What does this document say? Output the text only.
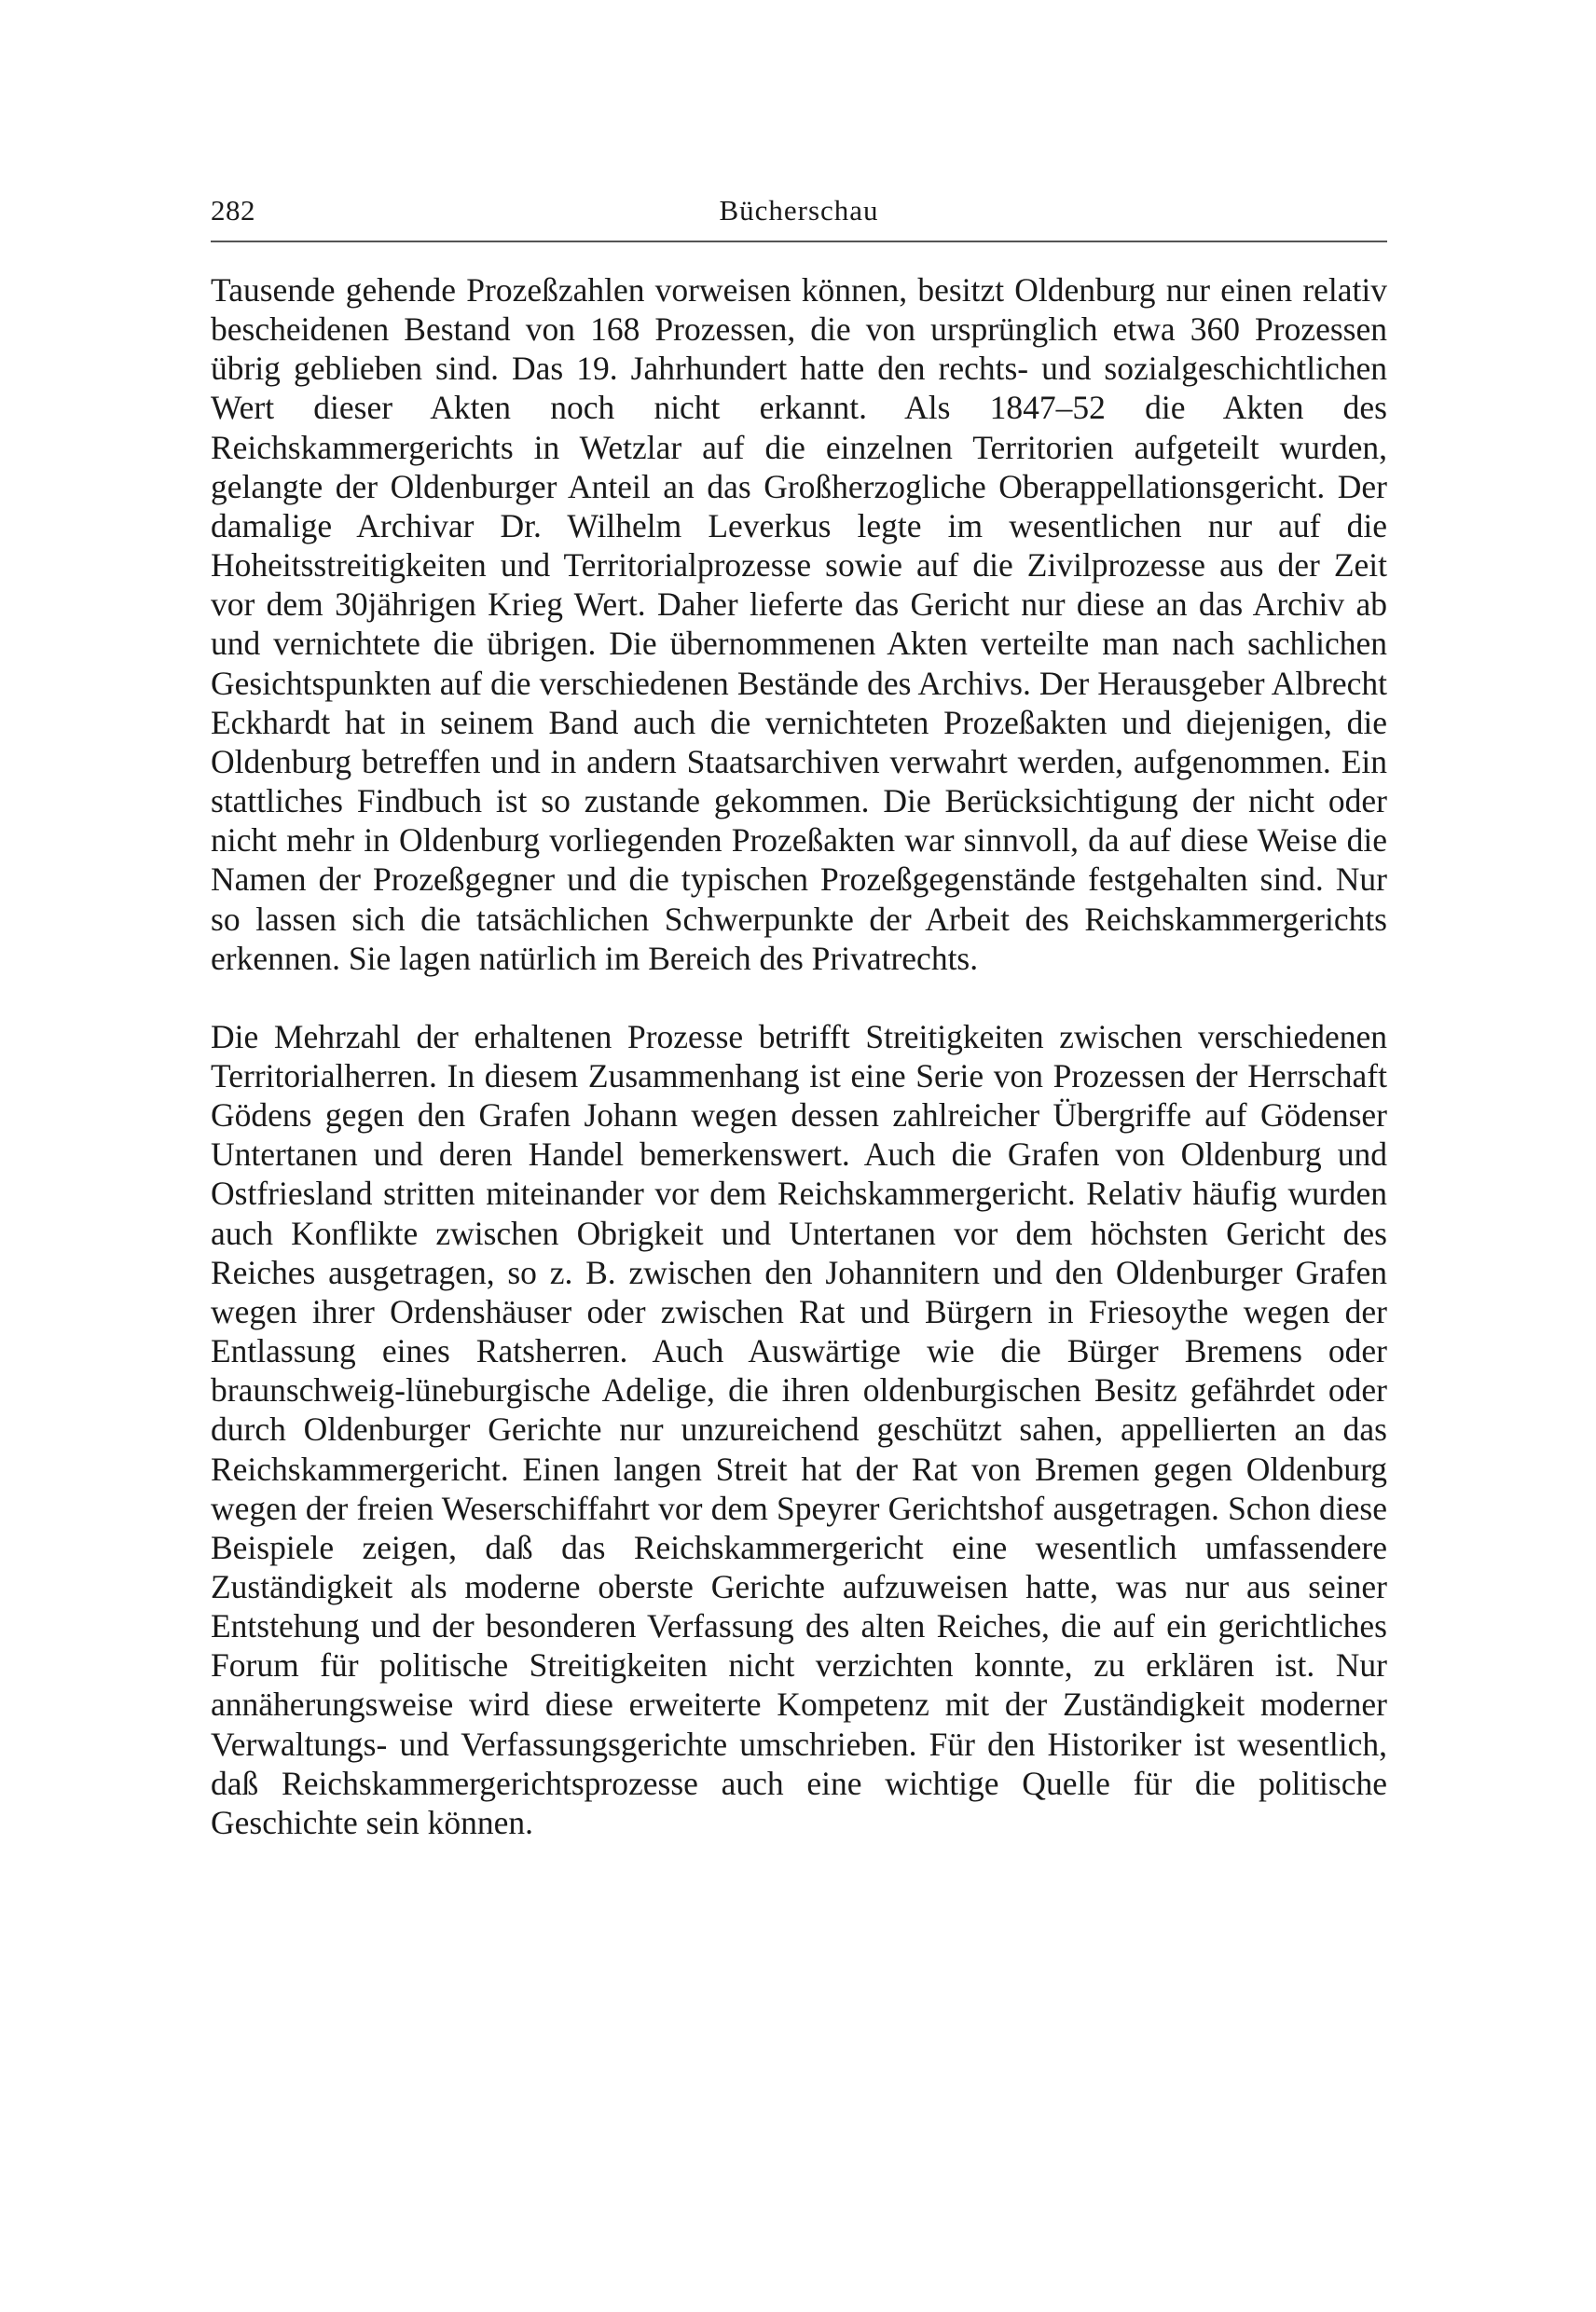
282	Bücherschau

Tausende gehende Prozeßzahlen vorweisen können, besitzt Oldenburg nur einen relativ bescheidenen Bestand von 168 Prozessen, die von ursprünglich etwa 360 Prozessen übrig geblieben sind. Das 19. Jahrhundert hatte den rechts- und sozialgeschichtlichen Wert dieser Akten noch nicht erkannt. Als 1847–52 die Akten des Reichskammergerichts in Wetzlar auf die einzelnen Territorien aufgeteilt wurden, gelangte der Oldenburger Anteil an das Großherzogliche Oberappellationsgericht. Der damalige Archivar Dr. Wilhelm Leverkus legte im wesentlichen nur auf die Hoheitsstreitigkeiten und Territorialprozesse sowie auf die Zivilprozesse aus der Zeit vor dem 30jährigen Krieg Wert. Daher lieferte das Gericht nur diese an das Archiv ab und vernichtete die übrigen. Die übernommenen Akten verteilte man nach sachlichen Gesichtspunkten auf die verschiedenen Bestände des Archivs. Der Herausgeber Albrecht Eckhardt hat in seinem Band auch die vernichteten Prozeßakten und diejenigen, die Oldenburg betreffen und in andern Staatsarchiven verwahrt werden, aufgenommen. Ein stattliches Findbuch ist so zustande gekommen. Die Berücksichtigung der nicht oder nicht mehr in Oldenburg vorliegenden Prozeßakten war sinnvoll, da auf diese Weise die Namen der Prozeßgegner und die typischen Prozeßgegenstände festgehalten sind. Nur so lassen sich die tatsächlichen Schwerpunkte der Arbeit des Reichskammergerichts erkennen. Sie lagen natürlich im Bereich des Privatrechts.

Die Mehrzahl der erhaltenen Prozesse betrifft Streitigkeiten zwischen verschiedenen Territorialherren. In diesem Zusammenhang ist eine Serie von Prozessen der Herrschaft Gödens gegen den Grafen Johann wegen dessen zahlreicher Übergriffe auf Gödenser Untertanen und deren Handel bemerkenswert. Auch die Grafen von Oldenburg und Ostfriesland stritten miteinander vor dem Reichskammergericht. Relativ häufig wurden auch Konflikte zwischen Obrigkeit und Untertanen vor dem höchsten Gericht des Reiches ausgetragen, so z. B. zwischen den Johannitern und den Oldenburger Grafen wegen ihrer Ordenshäuser oder zwischen Rat und Bürgern in Friesoythe wegen der Entlassung eines Ratsherren. Auch Auswärtige wie die Bürger Bremens oder braunschweig-lüneburgische Adelige, die ihren oldenburgischen Besitz gefährdet oder durch Oldenburger Gerichte nur unzureichend geschützt sahen, appellierten an das Reichskammergericht. Einen langen Streit hat der Rat von Bremen gegen Oldenburg wegen der freien Weserschiffahrt vor dem Speyrer Gerichtshof ausgetragen. Schon diese Beispiele zeigen, daß das Reichskammergericht eine wesentlich umfassendere Zuständigkeit als moderne oberste Gerichte aufzuweisen hatte, was nur aus seiner Entstehung und der besonderen Verfassung des alten Reiches, die auf ein gerichtliches Forum für politische Streitigkeiten nicht verzichten konnte, zu erklären ist. Nur annäherungsweise wird diese erweiterte Kompetenz mit der Zuständigkeit moderner Verwaltungs- und Verfassungsgerichte umschrieben. Für den Historiker ist wesentlich, daß Reichskammergerichtsprozesse auch eine wichtige Quelle für die politische Geschichte sein können.
